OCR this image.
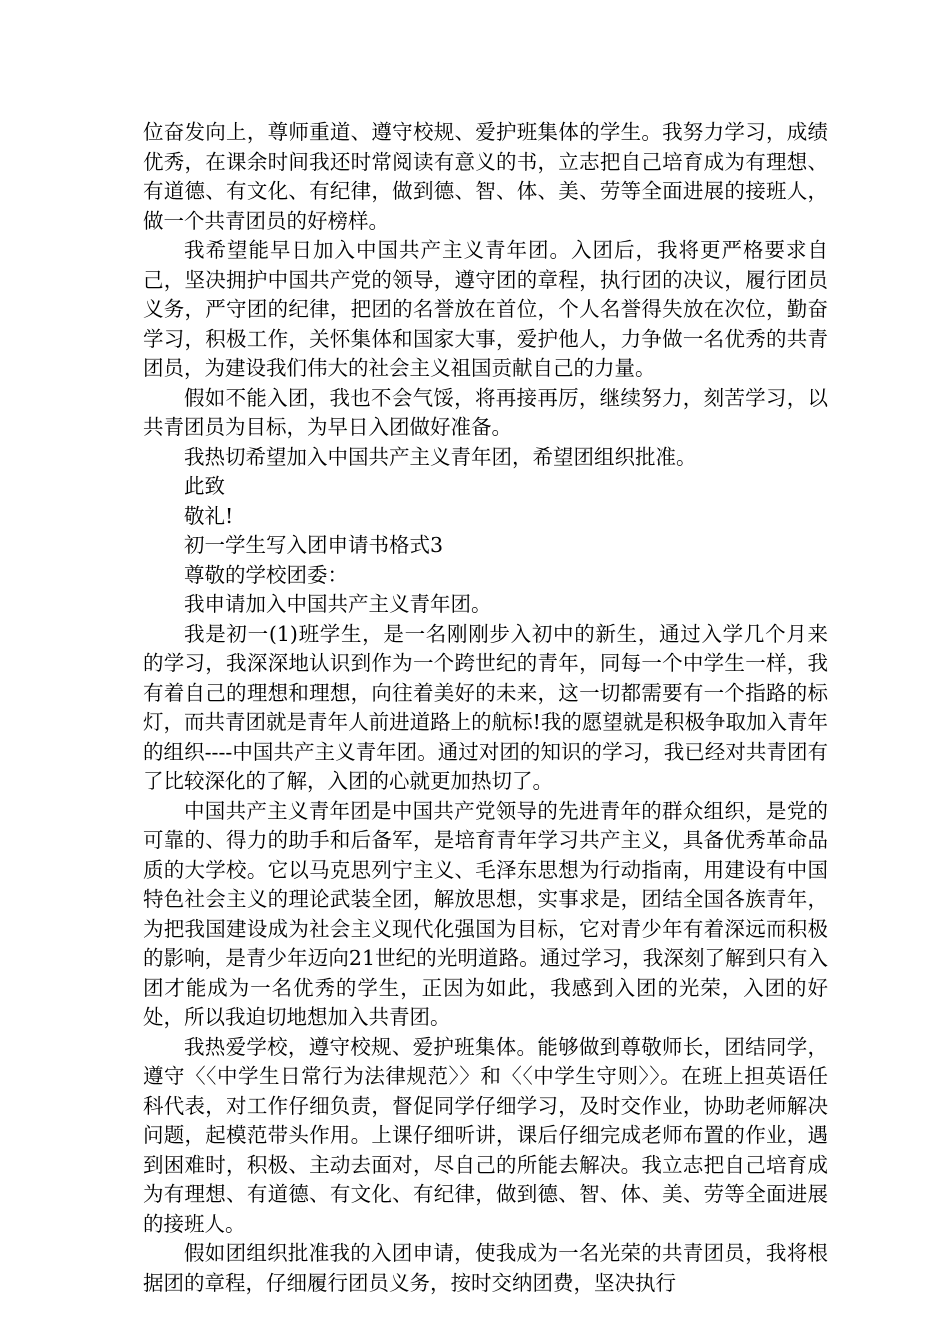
位奋发向上，尊师重道、遵守校规、爱护班集体的学生。我努力学习，成绩优秀，在课余时间我还时常阅读有意义的书，立志把自己培育成为有理想、有道德、有文化、有纪律，做到德、智、体、美、劳等全面进展的接班人，做一个共青团员的好榜样。

我希望能早日加入中国共产主义青年团。入团后，我将更严格要求自己，坚决拥护中国共产党的领导，遵守团的章程，执行团的决议，履行团员义务，严守团的纪律，把团的名誉放在首位，个人名誉得失放在次位，勤奋学习，积极工作，关怀集体和国家大事，爱护他人，力争做一名优秀的共青团员，为建设我们伟大的社会主义祖国贡献自己的力量。

假如不能入团，我也不会气馁，将再接再厉，继续努力，刻苦学习，以共青团员为目标，为早日入团做好准备。

我热切希望加入中国共产主义青年团，希望团组织批准。

此致

敬礼!

初一学生写入团申请书格式3

尊敬的学校团委：

我申请加入中国共产主义青年团。

我是初一(1)班学生，是一名刚刚步入初中的新生，通过入学几个月来的学习，我深深地认识到作为一个跨世纪的青年，同每一个中学生一样，我有着自己的理想和理想，向往着美好的未来，这一切都需要有一个指路的标灯，而共青团就是青年人前进道路上的航标!我的愿望就是积极争取加入青年的组织----中国共产主义青年团。通过对团的知识的学习，我已经对共青团有了比较深化的了解，入团的心就更加热切了。

中国共产主义青年团是中国共产党领导的先进青年的群众组织，是党的可靠的、得力的助手和后备军，是培育青年学习共产主义，具备优秀革命品质的大学校。它以马克思列宁主义、毛泽东思想为行动指南，用建设有中国特色社会主义的理论武装全团，解放思想，实事求是，团结全国各族青年，为把我国建设成为社会主义现代化强国为目标，它对青少年有着深远而积极的影响，是青少年迈向21世纪的光明道路。通过学习，我深刻了解到只有入团才能成为一名优秀的学生，正因为如此，我感到入团的光荣，入团的好处，所以我迫切地想加入共青团。

我热爱学校，遵守校规、爱护班集体。能够做到尊敬师长，团结同学，遵守〈〈中学生日常行为法律规范〉〉和〈〈中学生守则〉〉。在班上担英语任科代表，对工作仔细负责，督促同学仔细学习，及时交作业，协助老师解决问题，起模范带头作用。上课仔细听讲，课后仔细完成老师布置的作业，遇到困难时，积极、主动去面对，尽自己的所能去解决。我立志把自己培育成为有理想、有道德、有文化、有纪律，做到德、智、体、美、劳等全面进展的接班人。

假如团组织批准我的入团申请，使我成为一名光荣的共青团员，我将根据团的章程，仔细履行团员义务，按时交纳团费，坚决执行
